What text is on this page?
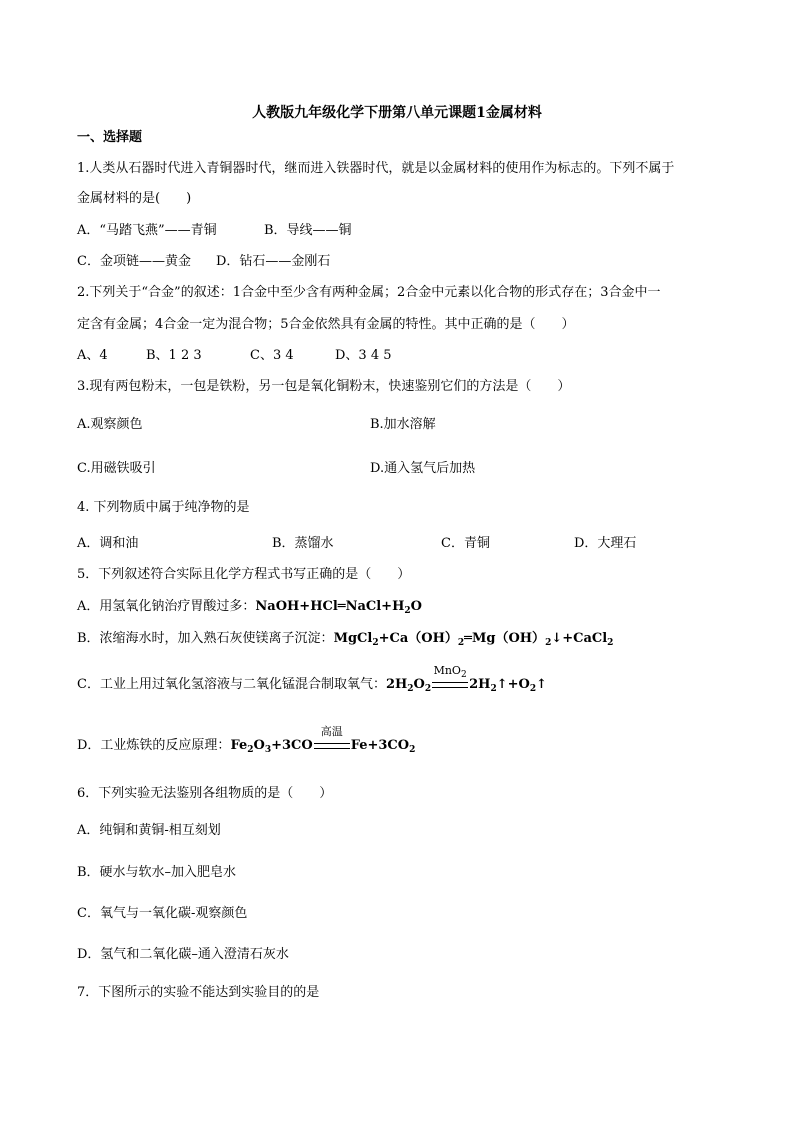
人教版九年级化学下册第八单元课题1金属材料
一、选择题
1.人类从石器时代进入青铜器时代，继而进入铁器时代，就是以金属材料的使用作为标志的。下列不属于
金属材料的是(　　)
A．“马踏飞燕”——青铜	B．导线——铜
C．金项链——黄金 D．钻石——金刚石
2.下列关于“合金”的叙述：1合金中至少含有两种金属；2合金中元素以化合物的形式存在；3合金中一
定含有金属；4合金一定为混合物；5合金依然具有金属的特性。其中正确的是（　　）
A、4	B、1 2 3	C、3 4	D、3 4 5
3.现有两包粉末，一包是铁粉，另一包是氧化铜粉末，快速鉴别它们的方法是（　　）
A.观察颜色	B.加水溶解
C.用磁铁吸引	D.通入氢气后加热
4. 下列物质中属于纯净物的是
A．调和油	B．蒸馏水	C．青铜	D．大理石
5．下列叙述符合实际且化学方程式书写正确的是（　　）
A．用氢氧化钠治疗胃酸过多：$NaOH+HCl═NaCl+H_2O$
B．浓缩海水时，加入熟石灰使镁离子沉淀：$MgCl_2+Ca(OH)_2═Mg(OH)_2↓+CaCl_2$
C．工业上用过氧化氢溶液与二氧化锰混合制取氧气：$2H_2O_2$
MnO$_2$
$2H_2↑+O_2↑$
D．工业炼铁的反应原理：$Fe_2O_3+3CO$
高温
$Fe+3CO_2$
6．下列实验无法鉴别各组物质的是（　　）
A．纯铜和黄铜-相互刻划
B．硬水与软水–加入肥皂水
C．氧气与一氧化碳-观察颜色
D．氢气和二氧化碳–通入澄清石灰水
7．下图所示的实验不能达到实验目的的是
